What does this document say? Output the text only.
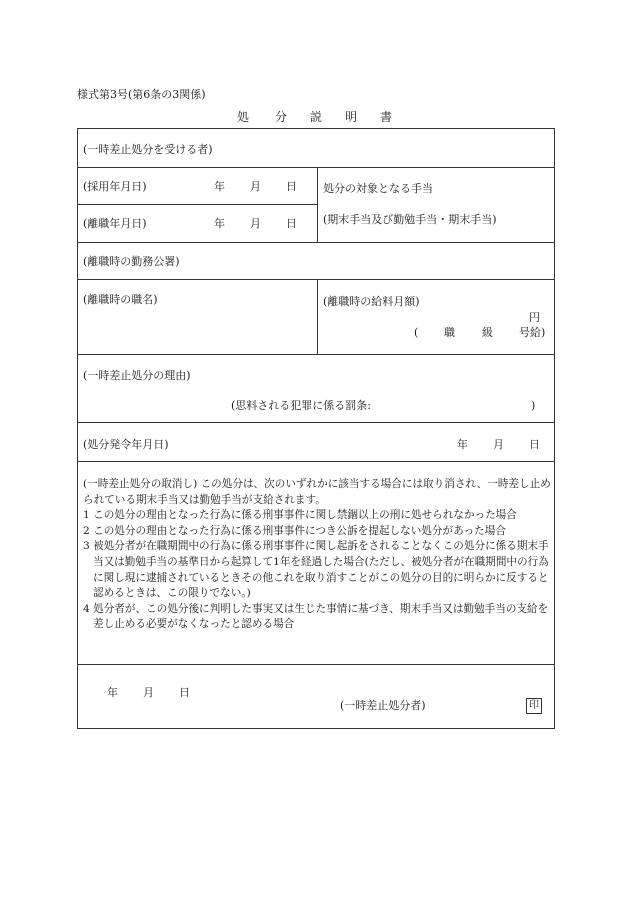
様式第3号(第6条の3関係)
処 分 説 明 書
(一時差止処分を受ける者)
(採用年月日)	年 月 日
(離職年月日)	年 月 日
処分の対象となる手当
(期末手当及び勤勉手当・期末手当)
(離職時の勤務公署)
(離職時の職名)	(離職時の給料月額)
円
( 職 級 号給)
(一時差止処分の理由)
(思料される犯罪に係る罰条:	)
(処分発令年月日)	年 月 日

(一時差止処分の取消し) この処分は、次のいずれかに該当する場合には取り消され、一時差し止められている期末手当又は勤勉手当が支給されます。

1 この処分の理由となった行為に係る刑事事件に関し禁錮以上の刑に処せられなかった場合

2 この処分の理由となった行為に係る刑事事件につき公訴を提起しない処分があった場合

3 被処分者が在職期間中の行為に係る刑事事件に関し起訴をされることなくこの処分に係る期末手当又は勤勉手当の基準日から起算して1年を経過した場合(ただし、被処分者が在職期間中の行為に関し現に逮捕されているときその他これを取り消すことがこの処分の目的に明らかに反すると認めるときは、この限りでない。)

4 処分者が、この処分後に判明した事実又は生じた事情に基づき、期末手当又は勤勉手当の支給を差し止める必要がなくなったと認める場合

年 月 日
(一時差止処分者)	印
